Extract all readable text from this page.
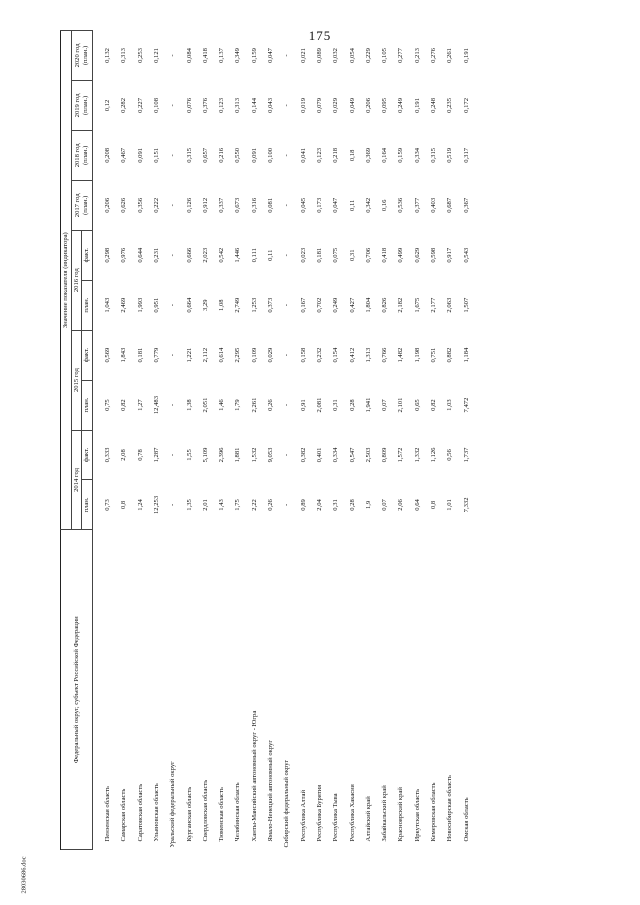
175
Федеральный округ, субъект Российской Федерации	Значение показателя (индикатора)									
	2014 год		2015 год		2016 год		2017 год (план.)	2018 год (план.)	2019 год (план.)	2020 год (план.)
	план.	факт.	план.	факт.	план.	факт.				
Пензенская область	0,73	0,333	0,75	0,569	1,043	0,298	0,206	0,208	0,12	0,132
Самарская область	0,8	2,08	0,82	1,843	2,469	0,976	0,626	0,467	0,282	0,313
Саратовская область	1,24	0,78	1,27	0,181	1,993	0,644	0,356	0,091	0,227	0,253
Ульяновская область	12,253	1,287	12,483	0,779	0,951	0,231	0,222	0,151	0,108	0,121
Уральский федеральный округ	-	-	-	-	-	-	-	-	-	-
Курганская область	1,35	1,55	1,38	1,221	0,664	0,666	0,126	0,315	0,076	0,084
Свердловская область	2,01	5,109	2,051	2,112	3,29	2,023	0,912	0,657	0,376	0,418
Тюменская область	1,43	2,396	1,46	0,614	1,08	0,542	0,337	0,216	0,123	0,137
Челябинская область	1,75	1,881	1,79	2,295	2,749	1,446	0,673	0,550	0,313	0,349
Ханты-Мансийский автономный округ - Югра	2,22	1,532	2,261	0,109	1,253	0,111	0,316	0,091	0,144	0,159
Ямало-Ненецкий автономный округ	0,26	9,053	0,26	0,029	0,373	0,11	0,081	0,100	0,043	0,047
Сибирский федеральный округ	-	-	-	-	-	-	-	-	-	-
Республика Алтай	0,89	0,382	0,91	0,158	0,167	0,023	0,045	0,041	0,019	0,021
Республика Бурятия	2,04	0,401	2,081	0,232	0,702	0,181	0,173	0,123	0,079	0,089
Республика Тыва	0,31	0,334	0,31	0,154	0,249	0,075	0,047	0,218	0,029	0,032
Республика Хакасия	0,28	0,547	0,28	0,412	0,427	0,31	0,11	0,18	0,049	0,054
Алтайский край	1,9	2,503	1,941	1,313	1,804	0,706	0,342	0,369	0,206	0,229
Забайкальский край	0,07	0,809	0,07	0,766	0,826	0,418	0,16	0,164	0,095	0,105
Красноярский край	2,06	1,572	2,101	1,482	2,182	0,499	0,536	0,159	0,249	0,277
Иркутская область	0,64	1,332	0,65	1,198	1,675	0,629	0,377	0,334	0,191	0,213
Кемеровская область	0,8	1,126	0,82	0,751	2,177	0,598	0,403	0,315	0,248	0,276
Новосибирская область	1,01	0,56	1,03	0,882	2,063	0,917	0,687	0,519	0,235	0,261
Омская область	7,332	1,737	7,472	1,184	1,507	0,543	0,367	0,317	0,172	0,191
28030686.doc
